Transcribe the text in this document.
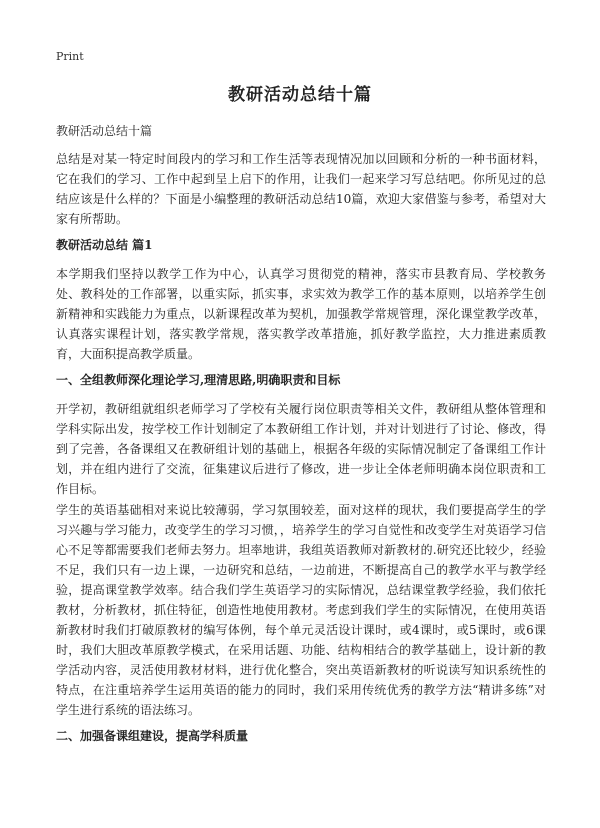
Print
教研活动总结十篇
教研活动总结十篇

总结是对某一特定时间段内的学习和工作生活等表现情况加以回顾和分析的一种书面材料，它在我们的学习、工作中起到呈上启下的作用，让我们一起来学习写总结吧。你所见过的总结应该是什么样的？下面是小编整理的教研活动总结10篇，欢迎大家借鉴与参考，希望对大家有所帮助。

教研活动总结 篇1

本学期我们坚持以教学工作为中心，认真学习贯彻党的精神，落实市县教育局、学校教务处、教科处的工作部署，以重实际，抓实事，求实效为教学工作的基本原则，以培养学生创新精神和实践能力为重点，以新课程改革为契机，加强教学常规管理，深化课堂教学改革，认真落实课程计划，落实教学常规，落实教学改革措施，抓好教学监控，大力推进素质教育，大面积提高教学质量。

一、全组教师深化理论学习,理清思路,明确职责和目标

开学初，教研组就组织老师学习了学校有关履行岗位职责等相关文件，教研组从整体管理和学科实际出发，按学校工作计划制定了本教研组工作计划，并对计划进行了讨论、修改，得到了完善，各备课组又在教研组计划的基础上，根据各年级的实际情况制定了备课组工作计划，并在组内进行了交流，征集建议后进行了修改，进一步让全体老师明确本岗位职责和工作目标。

学生的英语基础相对来说比较薄弱，学习氛围较差，面对这样的现状，我们要提高学生的学习兴趣与学习能力，改变学生的学习习惯，，培养学生的学习自觉性和改变学生对英语学习信心不足等都需要我们老师去努力。坦率地讲，我组英语教师对新教材的.研究还比较少，经验不足，我们只有一边上课，一边研究和总结，一边前进，不断提高自己的教学水平与教学经验，提高课堂教学效率。结合我们学生英语学习的实际情况，总结课堂教学经验，我们依托教材，分析教材，抓住特征，创造性地使用教材。考虑到我们学生的实际情况，在使用英语新教材时我们打破原教材的编写体例，每个单元灵活设计课时，或4课时，或5课时，或6课时，我们大胆改革原教学模式，在采用话题、功能、结构相结合的教学基础上，设计新的教学活动内容，灵活使用教材材料，进行优化整合，突出英语新教材的听说读写知识系统性的特点，在注重培养学生运用英语的能力的同时，我们采用传统优秀的教学方法“精讲多练”对学生进行系统的语法练习。

二、加强备课组建设，提高学科质量
